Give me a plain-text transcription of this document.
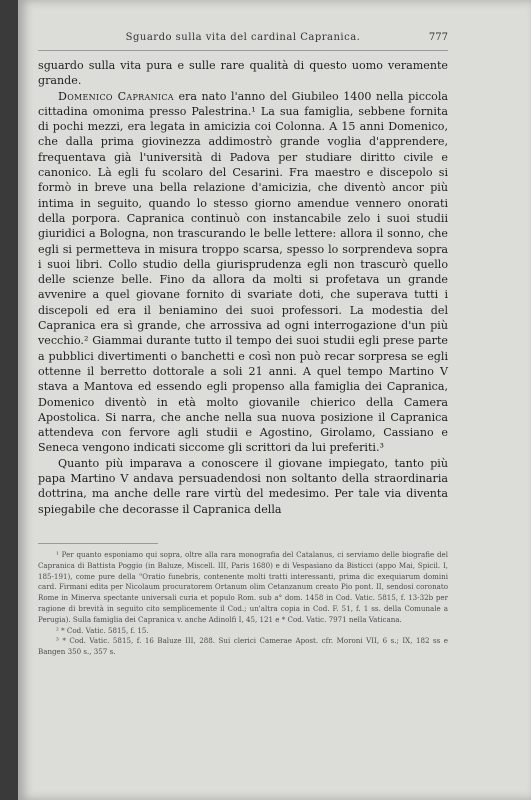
Sguardo sulla vita del cardinal Capranica.	777

sguardo sulla vita pura e sulle rare qualità di questo uomo veramente grande.

Domenico Capranica era nato l'anno del Giubileo 1400 nella piccola cittadina omonima presso Palestrina.¹ La sua famiglia, sebbene fornita di pochi mezzi, era legata in amicizia coi Colonna. A 15 anni Domenico, che dalla prima giovinezza addimostrò grande voglia d'apprendere, frequentava già l'università di Padova per studiare diritto civile e canonico. Là egli fu scolaro del Cesarini. Fra maestro e discepolo si formò in breve una bella relazione d'amicizia, che diventò ancor più intima in seguito, quando lo stesso giorno amendue vennero onorati della porpora. Capranica continuò con instancabile zelo i suoi studii giuridici a Bologna, non trascurando le belle lettere: allora il sonno, che egli si permetteva in misura troppo scarsa, spesso lo sorprendeva sopra i suoi libri. Collo studio della giurisprudenza egli non trascurò quello delle scienze belle. Fino da allora da molti si profetava un grande avvenire a quel giovane fornito di svariate doti, che superava tutti i discepoli ed era il beniamino dei suoi professori. La modestia del Capranica era sì grande, che arrossiva ad ogni interrogazione d'un più vecchio.² Giammai durante tutto il tempo dei suoi studii egli prese parte a pubblici divertimenti o banchetti e così non può recar sorpresa se egli ottenne il berretto dottorale a soli 21 anni. A quel tempo Martino V stava a Mantova ed essendo egli propenso alla famiglia dei Capranica, Domenico diventò in età molto giovanile chierico della Camera Apostolica. Si narra, che anche nella sua nuova posizione il Capranica attendeva con fervore agli studii e Agostino, Girolamo, Cassiano e Seneca vengono indicati siccome gli scrittori da lui preferiti.³

Quanto più imparava a conoscere il giovane impiegato, tanto più papa Martino V andava persuadendosi non soltanto della straordinaria dottrina, ma anche delle rare virtù del medesimo. Per tale via diventa spiegabile che decorasse il Capranica della

¹ Per quanto esponiamo qui sopra, oltre alla rara monografia del Catalanus, ci serviamo delle biografie del Capranica di Battista Poggio (in Baluze, Miscell. III, Paris 1680) e di Vespasiano da Bisticci (appo Mai, Spicil. I, 185-191), come pure della "Oratio funebris, contenente molti tratti interessanti, prima dic exequiarum domini card. Firmani edita per Nicolaum procuratorem Ortanum olim Cetanzanum creato Pio pont. II, sendosi coronato Rome in Minerva spectante universali curia et populo Rom. sub a° dom. 1458 in Cod. Vatic. 5815, f. 13-32b per ragione di brevità in seguito cito semplicemente il Cod.; un'altra copia in Cod. F. 51, f. 1 ss. della Comunale a Perugia). Sulla famiglia dei Capranica v. anche Adinolfi I, 45, 121 e * Cod. Vatic. 7971 nella Vaticana.

² * Cod. Vatic. 5815, f. 15.

³ * Cod. Vatic. 5815, f. 16 Baluze III, 288. Sui clerici Camerae Apost. cfr. Moroni VII, 6 s.; IX, 182 ss e Bangen 350 s., 357 s.
